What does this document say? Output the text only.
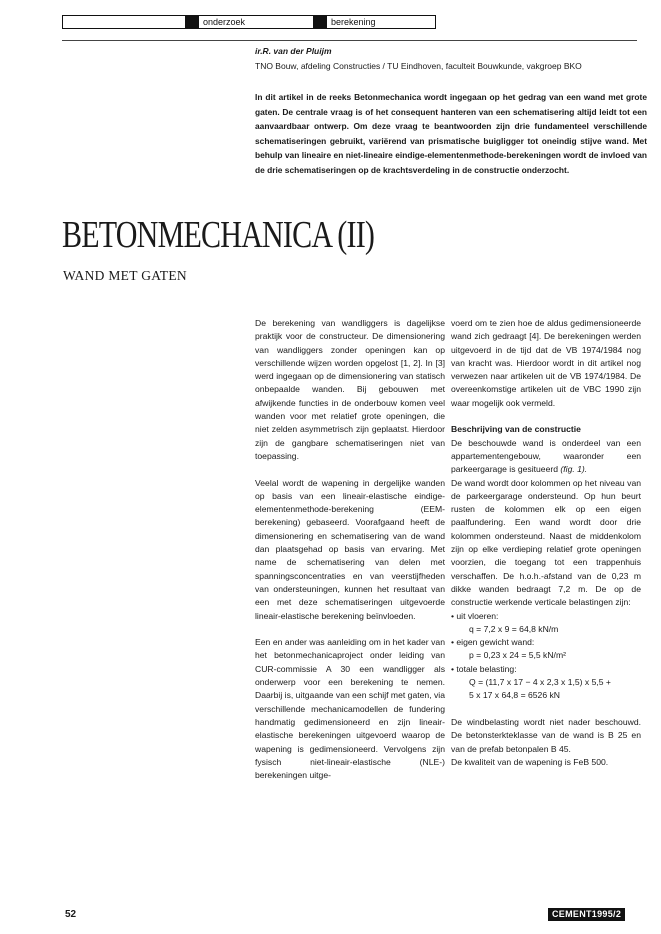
onderzoek	berekening
ir.R. van der Pluijm
TNO Bouw, afdeling Constructies / TU Eindhoven, faculteit Bouwkunde, vakgroep BKO

In dit artikel in de reeks Betonmechanica wordt ingegaan op het gedrag van een wand met grote gaten. De centrale vraag is of het consequent hanteren van een schematisering altijd leidt tot een aanvaardbaar ontwerp. Om deze vraag te beantwoorden zijn drie fundamenteel verschillende schematiseringen gebruikt, variërend van prismatische buigligger tot oneindig stijve wand. Met behulp van lineaire en niet-lineaire eindige-elementenmethode-berekeningen wordt de invloed van de drie schematiseringen op de krachtsverdeling in de constructie onderzocht.

BETONMECHANICA (II)
WAND MET GATEN

De berekening van wandliggers is dagelijkse praktijk voor de constructeur. De dimensionering van wandliggers zonder openingen kan op verschillende wijzen worden opgelost [1, 2]. In [3] werd ingegaan op de dimensionering van statisch onbepaalde wanden. Bij gebouwen met afwijkende functies in de onderbouw komen veel wanden voor met relatief grote openingen, die niet zelden asymmetrisch zijn geplaatst. Hierdoor zijn de gangbare schematiseringen niet van toepassing.

Veelal wordt de wapening in dergelijke wanden op basis van een lineair-elastische eindige-elementenmethode-berekening (EEM-berekening) gebaseerd. Voorafgaand heeft de dimensionering en schematisering van de wand dan plaatsgehad op basis van ervaring. Met name de schematisering van delen met spanningsconcentraties en van veerstijfheden van ondersteuningen, kunnen het resultaat van een met deze schematiseringen uitgevoerde lineair-elastische berekening beïnvloeden.

Een en ander was aanleiding om in het kader van het betonmechanicaproject onder leiding van CUR-commissie A 30 een wandligger als onderwerp voor een berekening te nemen. Daarbij is, uitgaande van een schijf met gaten, via verschillende mechanicamodellen de fundering handmatig gedimensioneerd en zijn lineair-elastische berekeningen uitgevoerd waarop de wapening is gedimensioneerd. Vervolgens zijn fysisch niet-lineair-elastische (NLE-) berekeningen uitge-

voerd om te zien hoe de aldus gedimensioneerde wand zich gedraagt [4]. De berekeningen werden uitgevoerd in de tijd dat de VB 1974/1984 nog van kracht was. Hierdoor wordt in dit artikel nog verwezen naar artikelen uit de VB 1974/1984. De overeenkomstige artikelen uit de VBC 1990 zijn waar mogelijk ook vermeld.

Beschrijving van de constructie

De beschouwde wand is onderdeel van een appartementengebouw, waaronder een parkeergarage is gesitueerd (fig. 1).

De wand wordt door kolommen op het niveau van de parkeergarage ondersteund. Op hun beurt rusten de kolommen elk op een eigen paalfundering. Een wand wordt door drie kolommen ondersteund. Naast de middenkolom zijn op elke verdieping relatief grote openingen voorzien, die toegang tot een trappenhuis verschaffen. De h.o.h.-afstand van de 0,23 m dikke wanden bedraagt 7,2 m. De op de constructie werkende verticale belastingen zijn:

• uit vloeren:

q = 7,2 x 9 = 64,8 kN/m

• eigen gewicht wand:

p = 0,23 x 24 = 5,5 kN/m²

• totale belasting:

Q = (11,7 x 17 − 4 x 2,3 x 1,5) x 5,5 +

5 x 17 x 64,8 = 6526 kN

De windbelasting wordt niet nader beschouwd. De betonsterkteklasse van de wand is B 25 en van de prefab betonpalen B 45.

De kwaliteit van de wapening is FeB 500.

52	CEMENT1995/2
